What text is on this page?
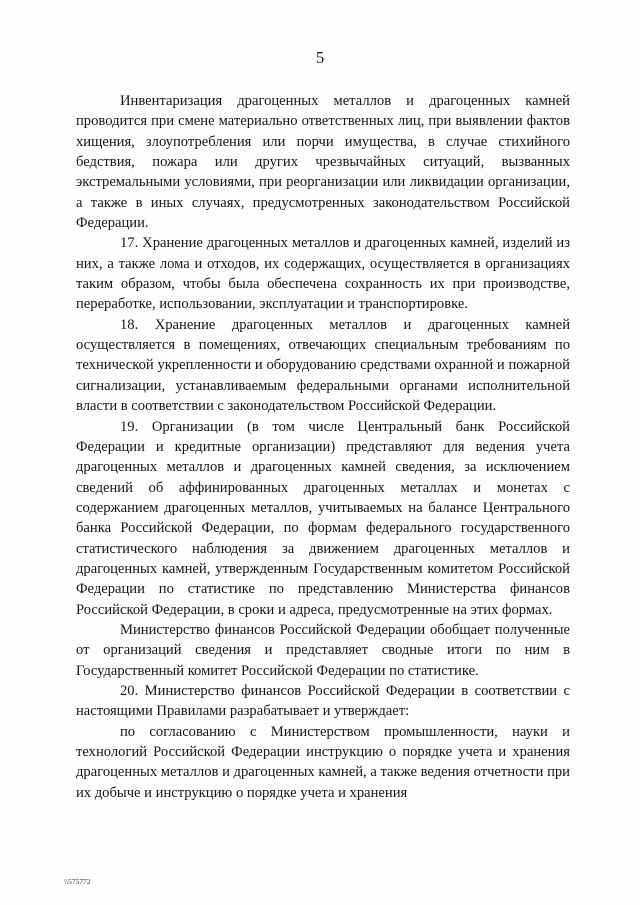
5

Инвентаризация драгоценных металлов и драгоценных камней проводится при смене материально ответственных лиц, при выявлении фактов хищения, злоупотребления или порчи имущества, в случае стихийного бедствия, пожара или других чрезвычайных ситуаций, вызванных экстремальными условиями, при реорганизации или ликвидации организации, а также в иных случаях, предусмотренных законодательством Российской Федерации.

17. Хранение драгоценных металлов и драгоценных камней, изделий из них, а также лома и отходов, их содержащих, осуществляется в организациях таким образом, чтобы была обеспечена сохранность их при производстве, переработке, использовании, эксплуатации и транспортировке.

18. Хранение драгоценных металлов и драгоценных камней осуществляется в помещениях, отвечающих специальным требованиям по технической укрепленности и оборудованию средствами охранной и пожарной сигнализации, устанавливаемым федеральными органами исполнительной власти в соответствии с законодательством Российской Федерации.

19. Организации (в том числе Центральный банк Российской Федерации и кредитные организации) представляют для ведения учета драгоценных металлов и драгоценных камней сведения, за исключением сведений об аффинированных драгоценных металлах и монетах с содержанием драгоценных металлов, учитываемых на балансе Центрального банка Российской Федерации, по формам федерального государственного статистического наблюдения за движением драгоценных металлов и драгоценных камней, утвержденным Государственным комитетом Российской Федерации по статистике по представлению Министерства финансов Российской Федерации, в сроки и адреса, предусмотренные на этих формах.

Министерство финансов Российской Федерации обобщает полученные от организаций сведения и представляет сводные итоги по ним в Государственный комитет Российской Федерации по статистике.

20. Министерство финансов Российской Федерации в соответствии с настоящими Правилами разрабатывает и утверждает:

по согласованию с Министерством промышленности, науки и технологий Российской Федерации инструкцию о порядке учета и хранения драгоценных металлов и драгоценных камней, а также ведения отчетности при их добыче и инструкцию о порядке учета и хранения

\\575772
